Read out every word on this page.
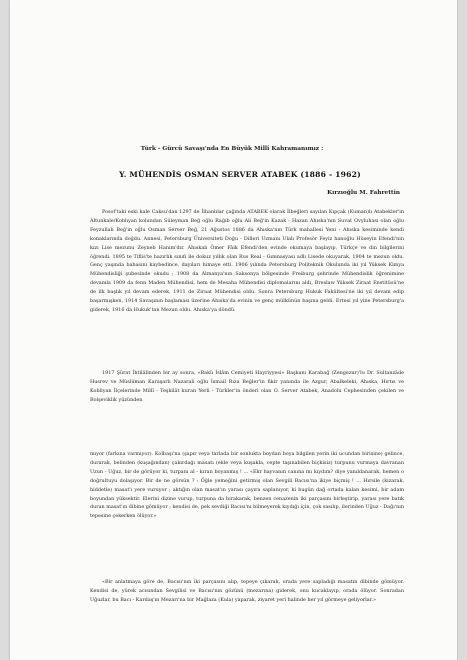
Türk - Gürcü Savaşı'nda En Büyük Millî Kahramanımız :
Y. MÜHENDİS OSMAN SERVER ATABEK (1886 - 1962)
Kırzıoğlu M. Fahrettin

Posof'taki eski kale Caksu'dan 1297 de İlhanlılar çağında ATABEK olarak İlbeğleri sayılan Kıpçak (Kuman)lı Atabekler'in Altunkale/Koblıyan kolundan Süleyman Beğ oğlu Rağıb oğlu Ali Beğ'in Kazak - Hazan Ahıska'nın Suvat Ovyluhası olan oğlu Feyzullah Beğ'in oğlu Osman Server Beğ, 21 Ağustos 1886 da Ahıska'nın Türk mahallesi Yeni - Ahıska kesiminde kendi konaklarında doğdu. Annesi, Petersburg Üniversiteti Doğu - Dilleri Uzmanı Ulalı Profesör Feyiz hanoğlu Hüseyin Efendi'nin kızı Lise mezunu Zeyneb Hanım'dır. Ahıskalı Ömer Fâik Efendi'den evinde okumaya başlayıp, Türkçe ve din bilgilerini öğrendi. 1895 te Tiflis'te hazırlık sınıfı ile dokuz yıllık olan Rus Real - Gımnasyası adlı Lisede okuyarak, 1904 te mezun oldu. Genç yaşında babasını kaybedince, dayıları himaye etti. 1906 yılında Petersburg Politeknik Okulunda iki yıl Yüksek Kimya Mühendisliği şubesinde okudu ; 1908 da Almanya'nın Saksonya bölgesinde Freiburg şehrinde Mühendislik öğrenimine devamla 1909 da fenn Maden Mühendisi, hem de Mesaha Mühendisi diplomalarını aldı, Breslaw Yüksek Ziraat Enstitüsü'ne de ilk başlık yıl devam ederek, 1911 de Ziraat Mühendisi oldu. Sonra Petersburg Hukuk Fakültesi'ne iki yıl devam edip başarmışken, 1914 Savaşının başlaması üzerine Ahıska'da evinin ve genç mülkünün başına geldi. Ertesi yıl yine Petersburg'a giderek, 1916 da Hukuk'tan Mezun oldu. Ahıska'ya döndü.

1917 Şûrat İhtilâlinden bir ay sonra, «Bakü İslâm Cemiyeti Hayriyyesi» Başkanı Karabağ (Zengezur)'lu Dr. Sultanzâde Husrev ve Müslüman Karaşarlı Nazarali oğlu İsmail Rıza Beğler'in fikir yanında ile Azgur, Abalkeleki, Ahıska, Hırtıs ve Kobliyan İlçelerinde Millî - Teşkilât kuran Yerli - Türkler'in önderi olan O. Server Atabek, Anadolu Cephesinden çekilen ve Bolşeviklik yüzünden

mıyor (farkına varmıyor). Kolbaşı'na (şapır veya tarlada bir sonlukta boydan boya bilgilen yerin iki ucundan birisine) gelince, durarak, belinden (kuşağından) çakırdağı masatı (ekle veya kuşakla, cepte taşınabilen biçkisiz) turpunu vurmaya davranan Uzun - Uğuz, bir de görüyor ki, turpanı al - kıran boyanmış ! ... «Ekr hayvanın canına mı kıydım? diye yanıldanarak, hemen o doğrultuyu dolaşıyor. Bir de ne görsün ? : Öğle yemeğini getirmiş olan Sevgili Bacısı'na ikiye biçmiş ! ... Hırsile (kızarak, hiddetle) masat'ı yere vuruyor ; aktığın olan masat'ın yarası çayıra saplanıyor, ki bugün dağ ortada kalan kesimi, bir adam boyundan yüksektir. Elerini dizine vurup, turpuna da bırakarak, benzen cenazenin iki parçasını birleştirip, yarası yere batık duran masat'ın dibine gömüyor ; kendisi de, pek sevdiği Bacısı'nı bilmeyerek kıydığı için, çok sasılıp, ilerinden Uğuz - Dağı'nın tepesine çekerken ölüyor.»

«Bir anlatmaya göre de, Bacısı'nın iki parçasını alıp, tepeye çıkarak, orada yere sapladığı masatın dibinde gömüyor. Kendisi de, yürek acısından Sevgilisi ve Bacısı'nın gözünü (mezarına) giderek, onu kucaklayıp, orada ölüyor. Sonradan Uğuzlar, bu Bacı - Kardaş'ın Mezarı'na bir Mağlaza (Kula) yaparak, ziyaret yeri halinde her yıl görmeye geliyorlar.»
